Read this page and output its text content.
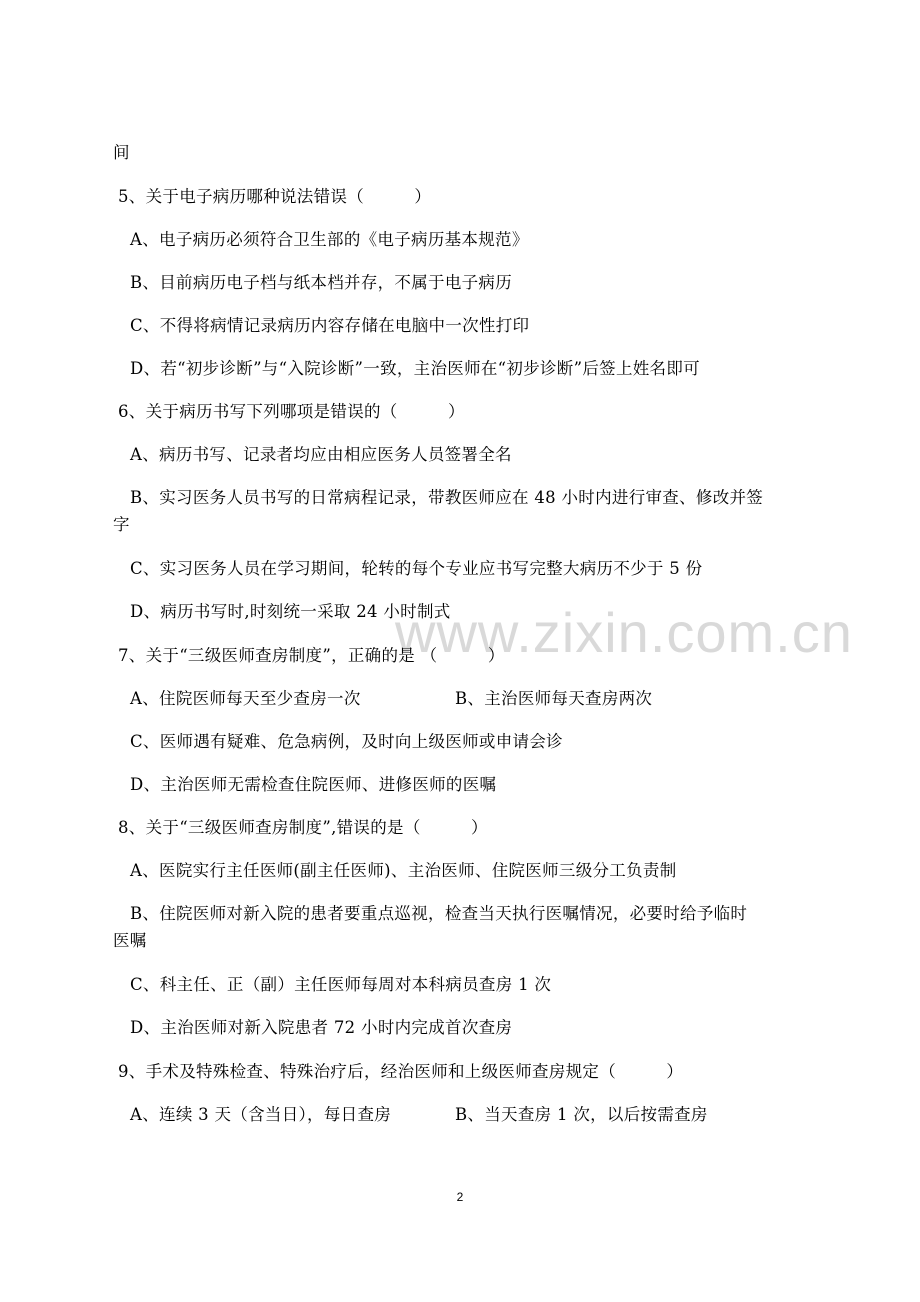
www.zixin.com.cn
间
5、关于电子病历哪种说法错误（　　　）
A、电子病历必须符合卫生部的《电子病历基本规范》
B、目前病历电子档与纸本档并存，不属于电子病历
C、不得将病情记录病历内容存储在电脑中一次性打印
D、若“初步诊断”与“入院诊断”一致，主治医师在“初步诊断”后签上姓名即可
6、关于病历书写下列哪项是错误的（　　　）
A、病历书写、记录者均应由相应医务人员签署全名
B、实习医务人员书写的日常病程记录，带教医师应在 48 小时内进行审查、修改并签
字
C、实习医务人员在学习期间，轮转的每个专业应书写完整大病历不少于 5 份
D、病历书写时,时刻统一采取 24 小时制式
7、关于“三级医师查房制度”，正确的是 （　　　）
A、住院医师每天至少查房一次	B、主治医师每天查房两次
C、医师遇有疑难、危急病例，及时向上级医师或申请会诊
D、主治医师无需检查住院医师、进修医师的医嘱
8、关于“三级医师查房制度”,错误的是（　　　）
A、医院实行主任医师(副主任医师)、主治医师、住院医师三级分工负责制
B、住院医师对新入院的患者要重点巡视，检查当天执行医嘱情况，必要时给予临时
医嘱
C、科主任、正（副）主任医师每周对本科病员查房 1 次
D、主治医师对新入院患者 72 小时内完成首次查房
9、手术及特殊检查、特殊治疗后，经治医师和上级医师查房规定（　　　）
A、连续 3 天（含当日），每日查房	B、当天查房 1 次，以后按需查房
2
